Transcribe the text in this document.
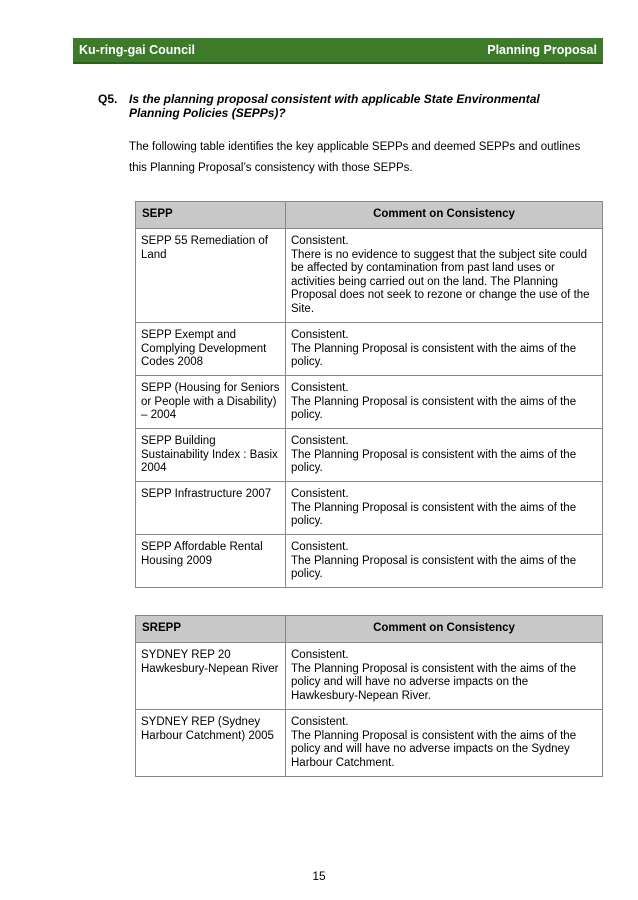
Ku-ring-gai Council	Planning Proposal
Q5. Is the planning proposal consistent with applicable State Environmental Planning Policies (SEPPs)?
The following table identifies the key applicable SEPPs and deemed SEPPs and outlines this Planning Proposal’s consistency with those SEPPs.
SEPP	Comment on Consistency
SEPP 55 Remediation of Land	Consistent.
There is no evidence to suggest that the subject site could be affected by contamination from past land uses or activities being carried out on the land. The Planning Proposal does not seek to rezone or change the use of the Site.
SEPP Exempt and Complying Development Codes 2008	Consistent.
The Planning Proposal is consistent with the aims of the policy.
SEPP (Housing for Seniors or People with a Disability) – 2004	Consistent.
The Planning Proposal is consistent with the aims of the policy.
SEPP Building Sustainability Index : Basix 2004	Consistent.
The Planning Proposal is consistent with the aims of the policy.
SEPP Infrastructure 2007	Consistent.
The Planning Proposal is consistent with the aims of the policy.
SEPP Affordable Rental Housing 2009	Consistent.
The Planning Proposal is consistent with the aims of the policy.
SREPP	Comment on Consistency
SYDNEY REP 20 Hawkesbury-Nepean River	Consistent.
The Planning Proposal is consistent with the aims of the policy and will have no adverse impacts on the Hawkesbury-Nepean River.
SYDNEY REP (Sydney Harbour Catchment) 2005	Consistent.
The Planning Proposal is consistent with the aims of the policy and will have no adverse impacts on the Sydney Harbour Catchment.
15
